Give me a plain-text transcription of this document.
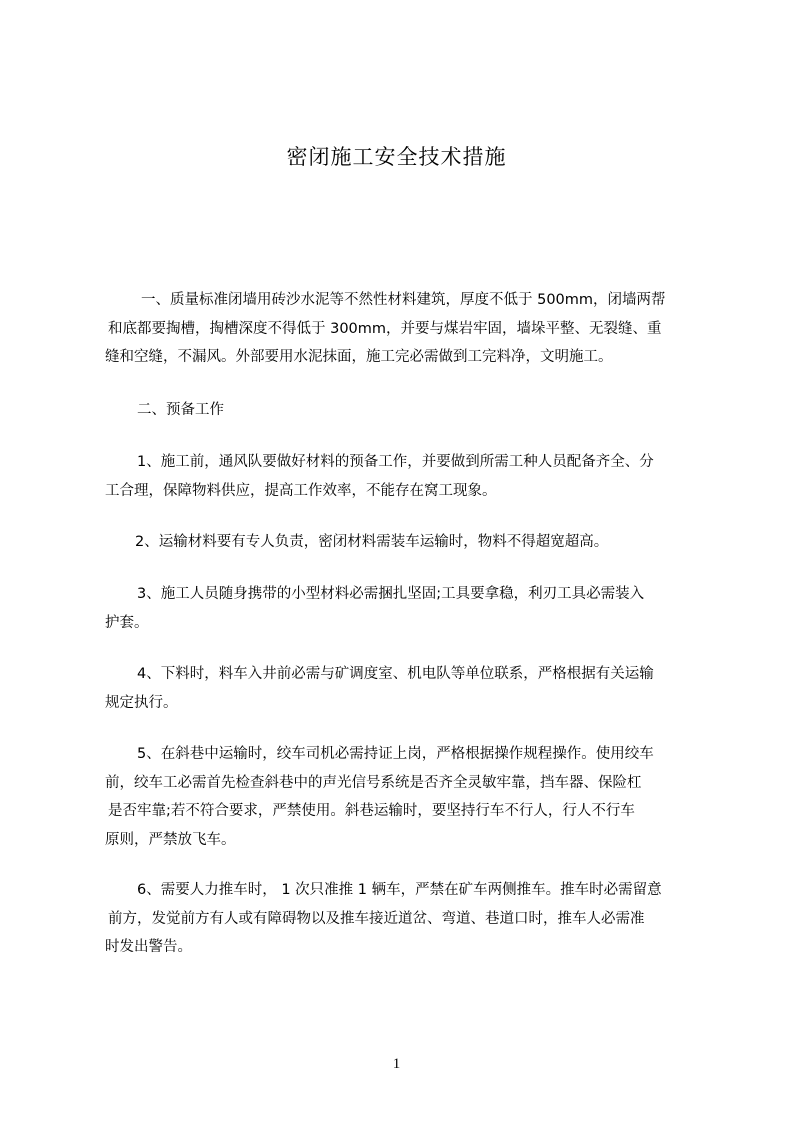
密闭施工安全技术措施

一、质量标准闭墙用砖沙水泥等不然性材料建筑，厚度不低于 500mm，闭墙两帮
和底都要掏槽，掏槽深度不得低于 300mm，并要与煤岩牢固，墙垛平整、无裂缝、重
缝和空缝，不漏风。外部要用水泥抹面，施工完必需做到工完料净，文明施工。

二、预备工作

1、施工前，通风队要做好材料的预备工作，并要做到所需工种人员配备齐全、分
工合理，保障物料供应，提高工作效率，不能存在窝工现象。

2、运输材料要有专人负责，密闭材料需装车运输时，物料不得超宽超高。

3、施工人员随身携带的小型材料必需捆扎坚固;工具要拿稳，利刃工具必需装入
护套。

4、下料时，料车入井前必需与矿调度室、机电队等单位联系，严格根据有关运输
规定执行。

5、在斜巷中运输时，绞车司机必需持证上岗，严格根据操作规程操作。使用绞车
前，绞车工必需首先检查斜巷中的声光信号系统是否齐全灵敏牢靠，挡车器、保险杠
是否牢靠;若不符合要求，严禁使用。斜巷运输时，要坚持行车不行人，行人不行车
原则，严禁放飞车。

6、需要人力推车时， 1 次只准推 1 辆车，严禁在矿车两侧推车。推车时必需留意
前方，发觉前方有人或有障碍物以及推车接近道岔、弯道、巷道口时，推车人必需准
时发出警告。

1
